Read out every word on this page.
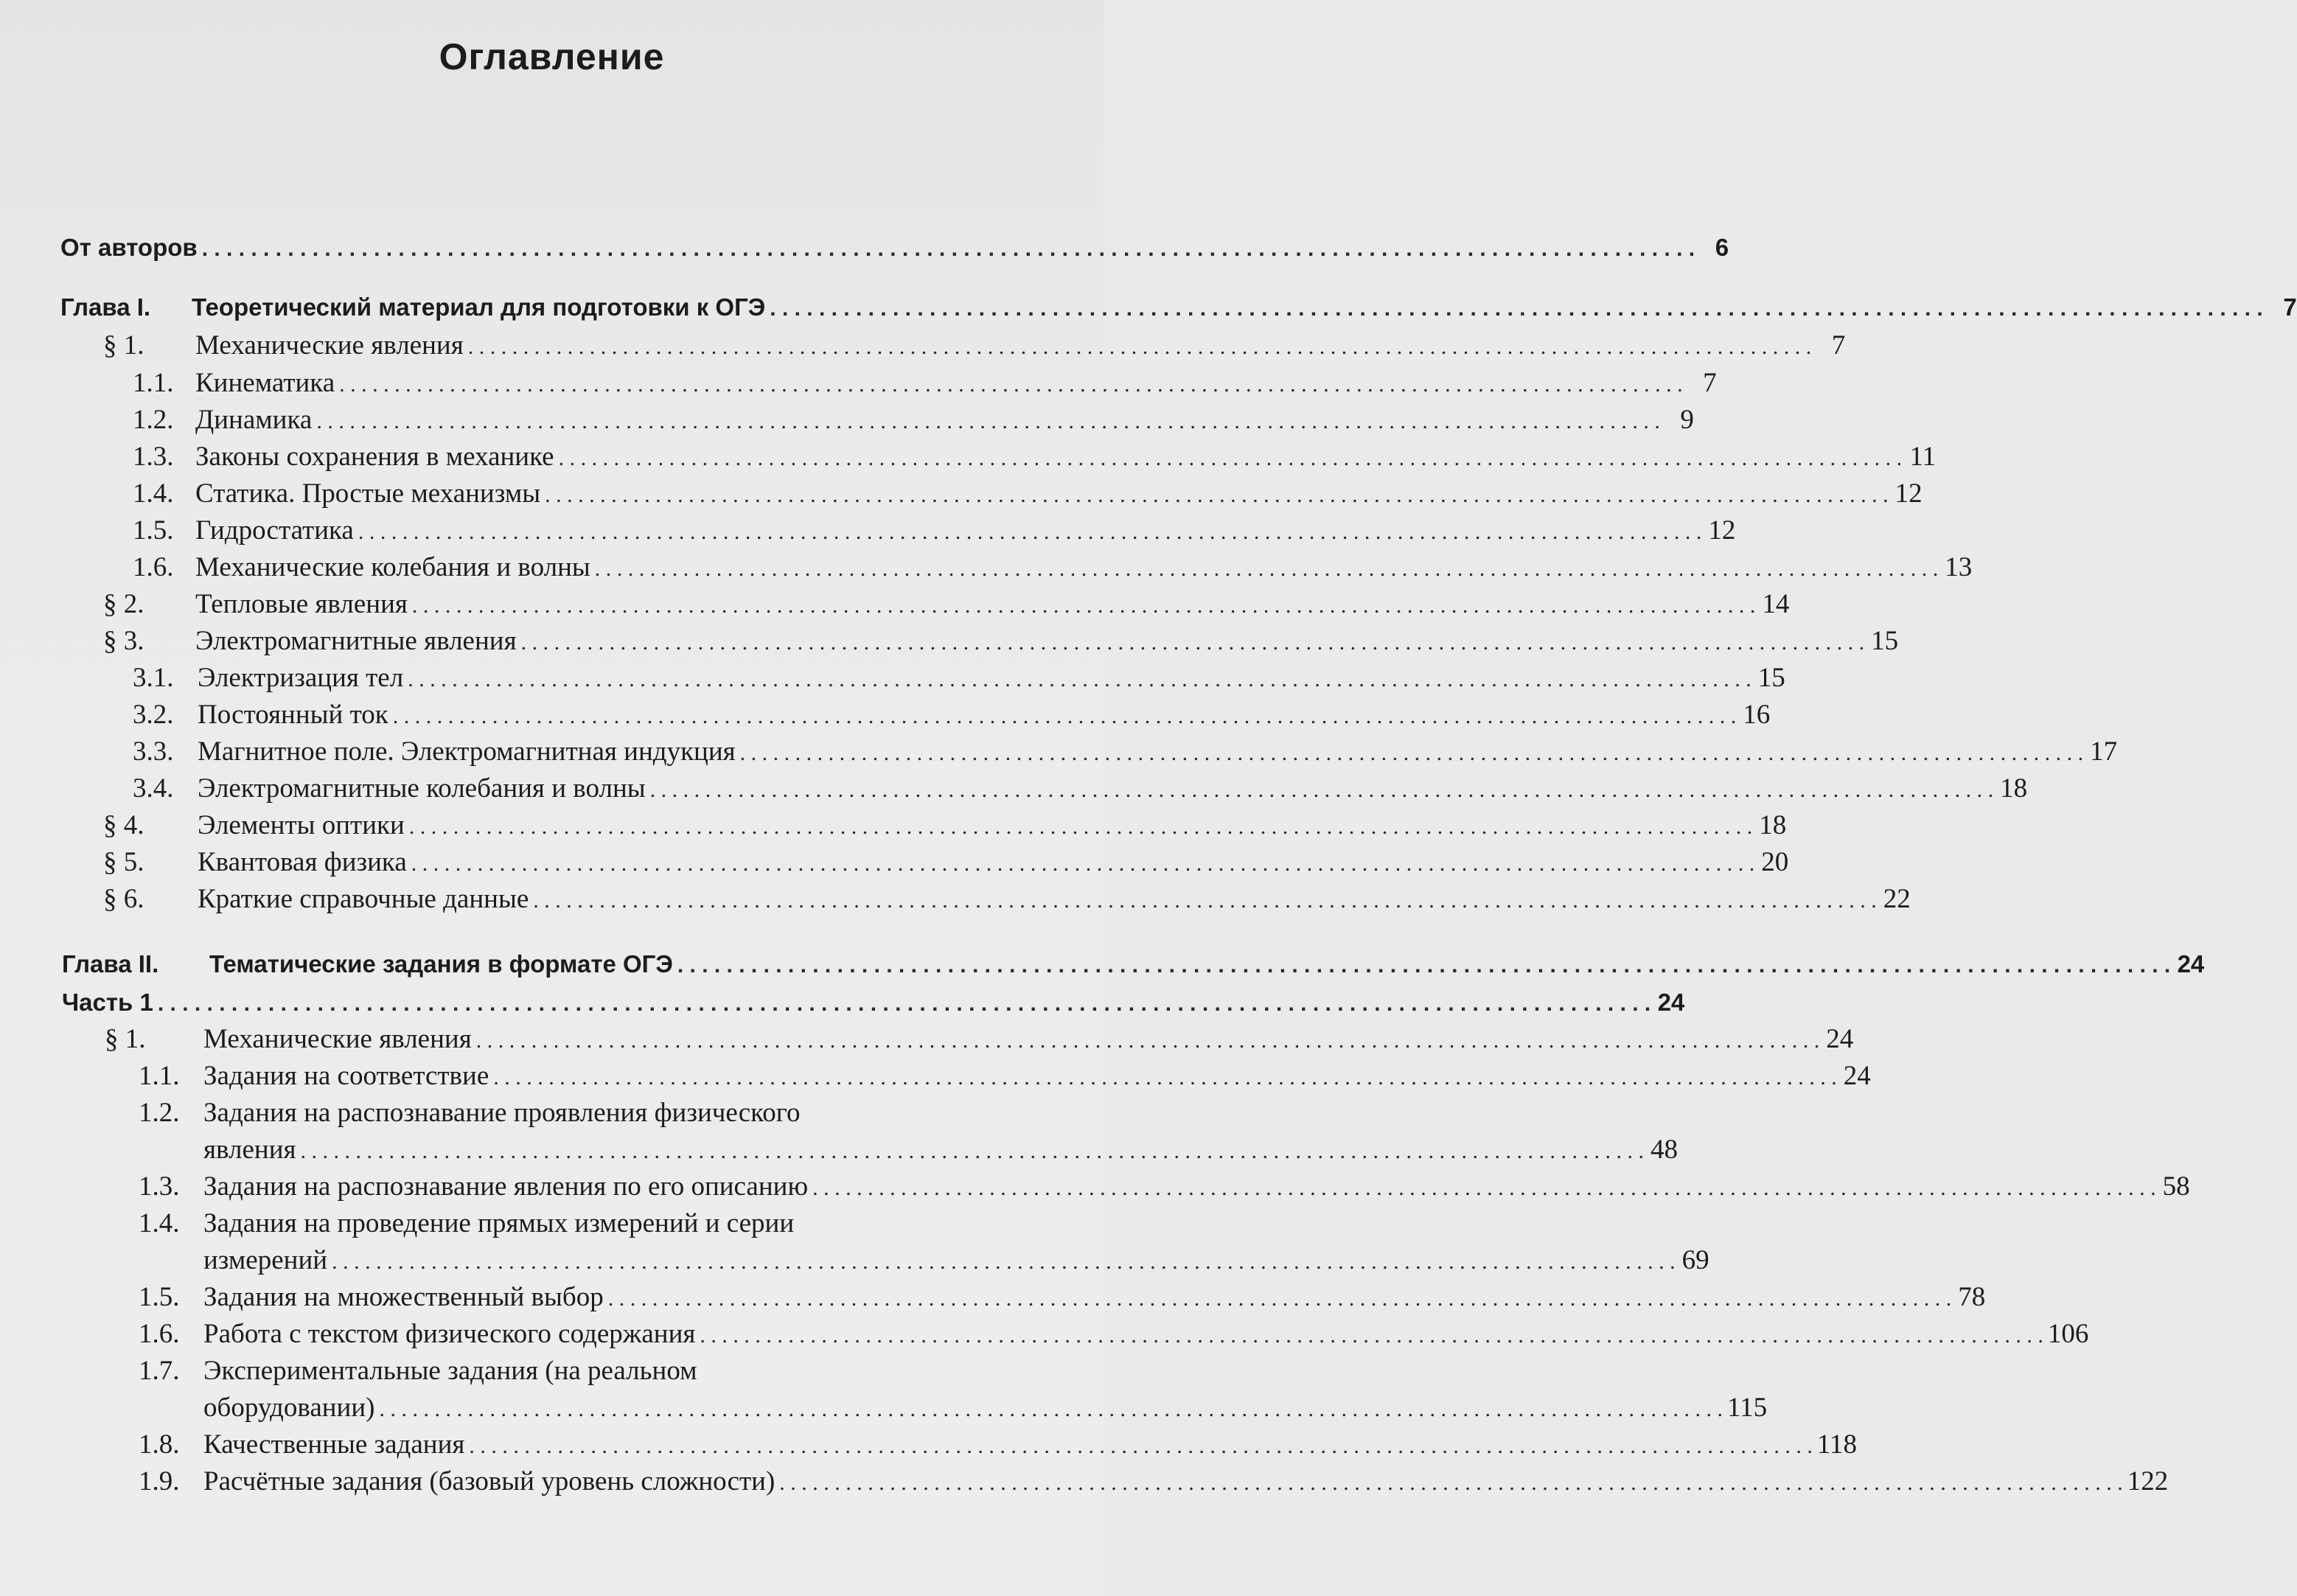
Оглавление
От авторов . . .	6
Глава I.	Теоретический материал для подготовки к ОГЭ . . .	7
§ 1.	Механические явления . . .	7
1.1. Кинематика . . .	7
1.2. Динамика . . .	9
1.3. Законы сохранения в механике . . .	11
1.4. Статика. Простые механизмы . . .	12
1.5. Гидростатика . . .	12
1.6. Механические колебания и волны . . .	13
§ 2.	Тепловые явления . . .	14
§ 3.	Электромагнитные явления . . .	15
3.1. Электризация тел . . .	15
3.2. Постоянный ток . . .	16
3.3. Магнитное поле. Электромагнитная индукция . . .	17
3.4. Электромагнитные колебания и волны . . .	18
§ 4.	Элементы оптики . . .	18
§ 5.	Квантовая физика . . .	20
§ 6.	Краткие справочные данные . . .	22
Глава II.	Тематические задания в формате ОГЭ . . .	24
Часть 1 . . .	24
§ 1.	Механические явления . . .	24
1.1. Задания на соответствие . . .	24
1.2. Задания на распознавание проявления физического
явления . . .	48
1.3. Задания на распознавание явления по его описанию . . .	58
1.4. Задания на проведение прямых измерений и серии
измерений . . .	69
1.5. Задания на множественный выбор . . .	78
1.6. Работа с текстом физического содержания . . .	106
1.7. Экспериментальные задания (на реальном
оборудовании) . . .	115
1.8. Качественные задания . . .	118
1.9. Расчётные задания (базовый уровень сложности) . . .	122
